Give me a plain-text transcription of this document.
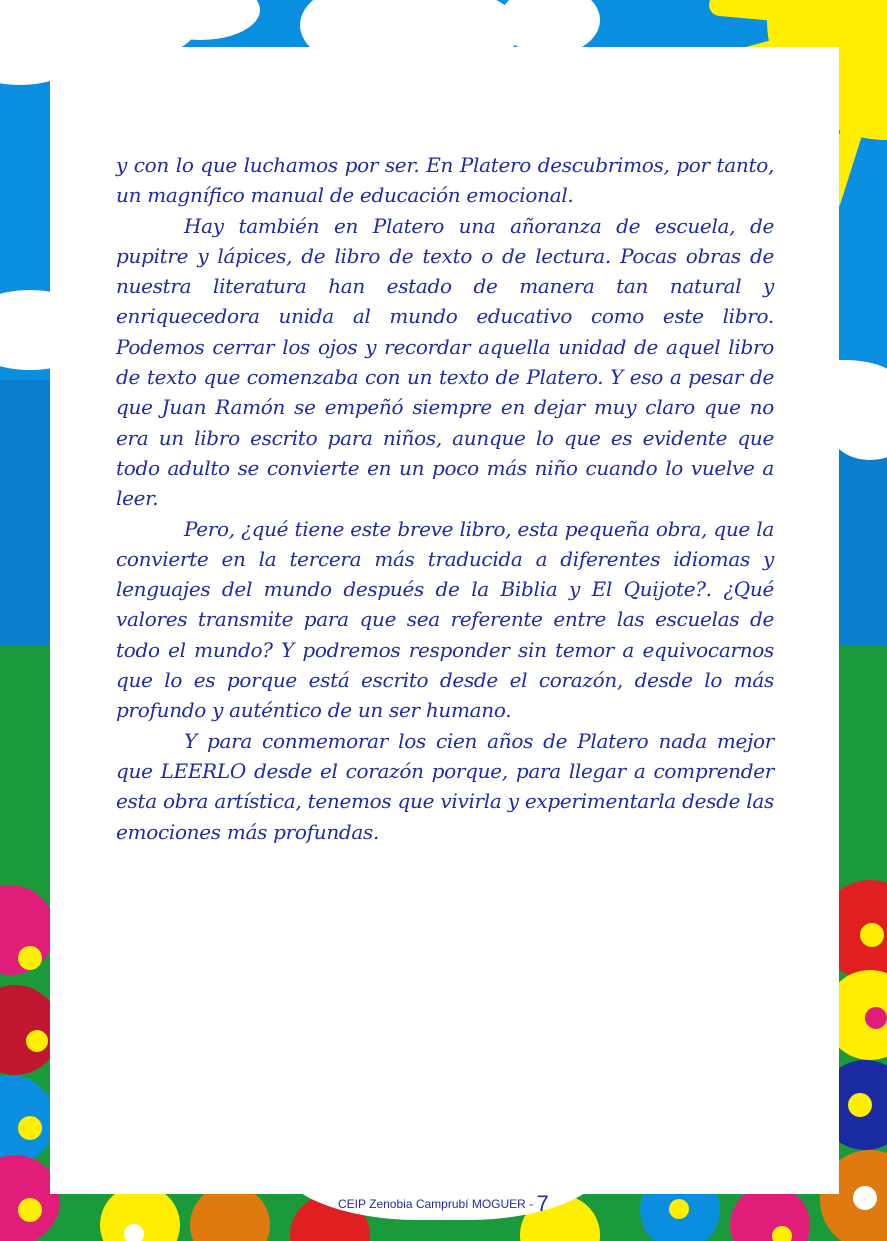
y con lo que luchamos por ser. En Platero descubrimos, por tanto, un magnífico manual de educación emocional.

Hay también en Platero una añoranza de escuela, de pupitre y lápices, de libro de texto o de lectura. Pocas obras de nuestra literatura han estado de manera tan natural y enriquecedora unida al mundo educativo como este libro. Podemos cerrar los ojos y recordar aquella unidad de aquel libro de texto que comenzaba con un texto de Platero. Y eso a pesar de que Juan Ramón se empeñó siempre en dejar muy claro que no era un libro escrito para niños, aunque lo que es evidente que todo adulto se convierte en un poco más niño cuando lo vuelve a leer.

Pero, ¿qué tiene este breve libro, esta pequeña obra, que la convierte en la tercera más traducida a diferentes idiomas y lenguajes del mundo después de la Biblia y El Quijote?. ¿Qué valores transmite para que sea referente entre las escuelas de todo el mundo? Y podremos responder sin temor a equivocarnos que lo es porque está escrito desde el corazón, desde lo más profundo y auténtico de un ser humano.

Y para conmemorar los cien años de Platero nada mejor que LEERLO desde el corazón porque, para llegar a comprender esta obra artística, tenemos que vivirla y experimentarla desde las emociones más profundas.

CEIP Zenobia Camprubí MOGUER - 7
